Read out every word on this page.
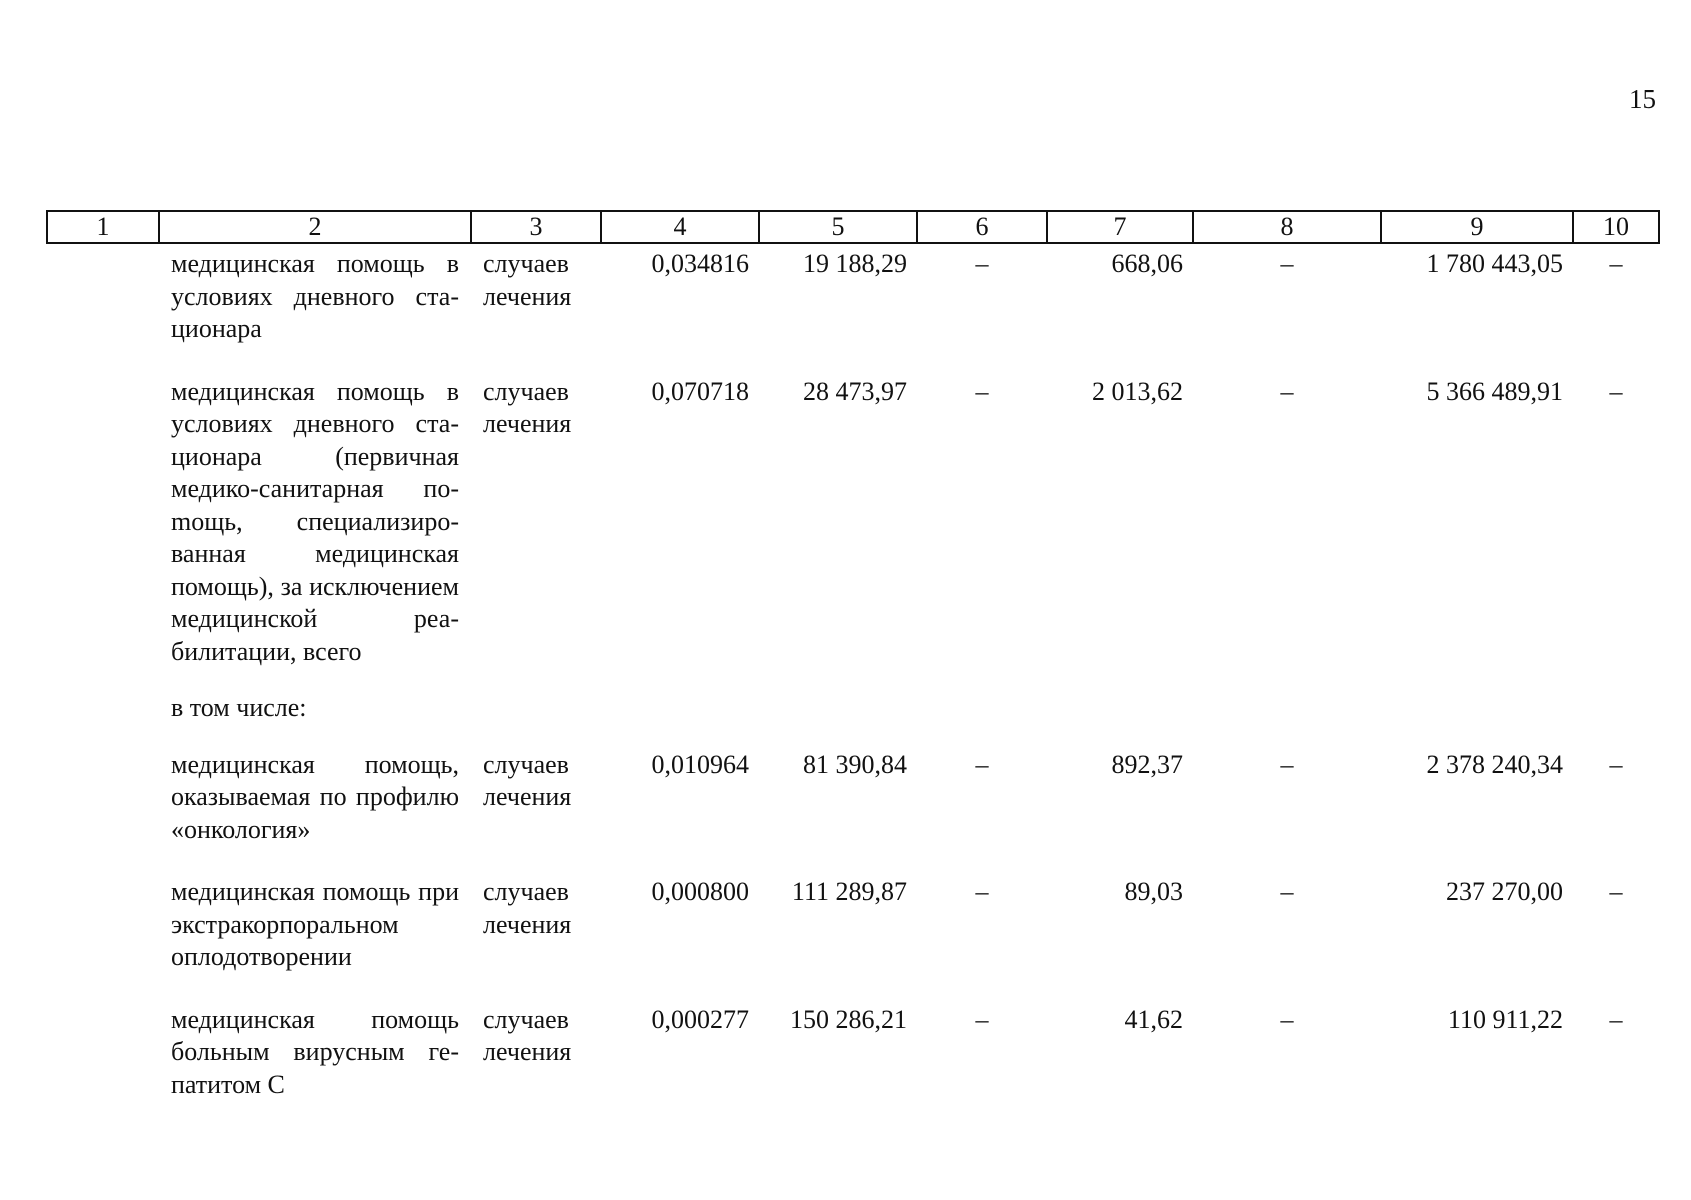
15
1	2	3	4	5	6	7	8	9	10
	медицинская помощь в условиях дневного стационара	случаев лечения	0,034816	19 188,29	–	668,06	–	1 780 443,05	–
	медицинская помощь в условиях дневного стационара (первичная медико-санитарная поmощь, специализированная медицинская помощь), за исключением медицинской реабилитации, всего	случаев лечения	0,070718	28 473,97	–	2 013,62	–	5 366 489,91	–
	в том числе:								
	медицинская помощь, оказываемая по профилю «онкология»	случаев лечения	0,010964	81 390,84	–	892,37	–	2 378 240,34	–
	медицинская помощь при экстракорпоральном оплодотворении	случаев лечения	0,000800	111 289,87	–	89,03	–	237 270,00	–
	медицинская помощь больным вирусным гепатитом С	случаев лечения	0,000277	150 286,21	–	41,62	–	110 911,22	–
